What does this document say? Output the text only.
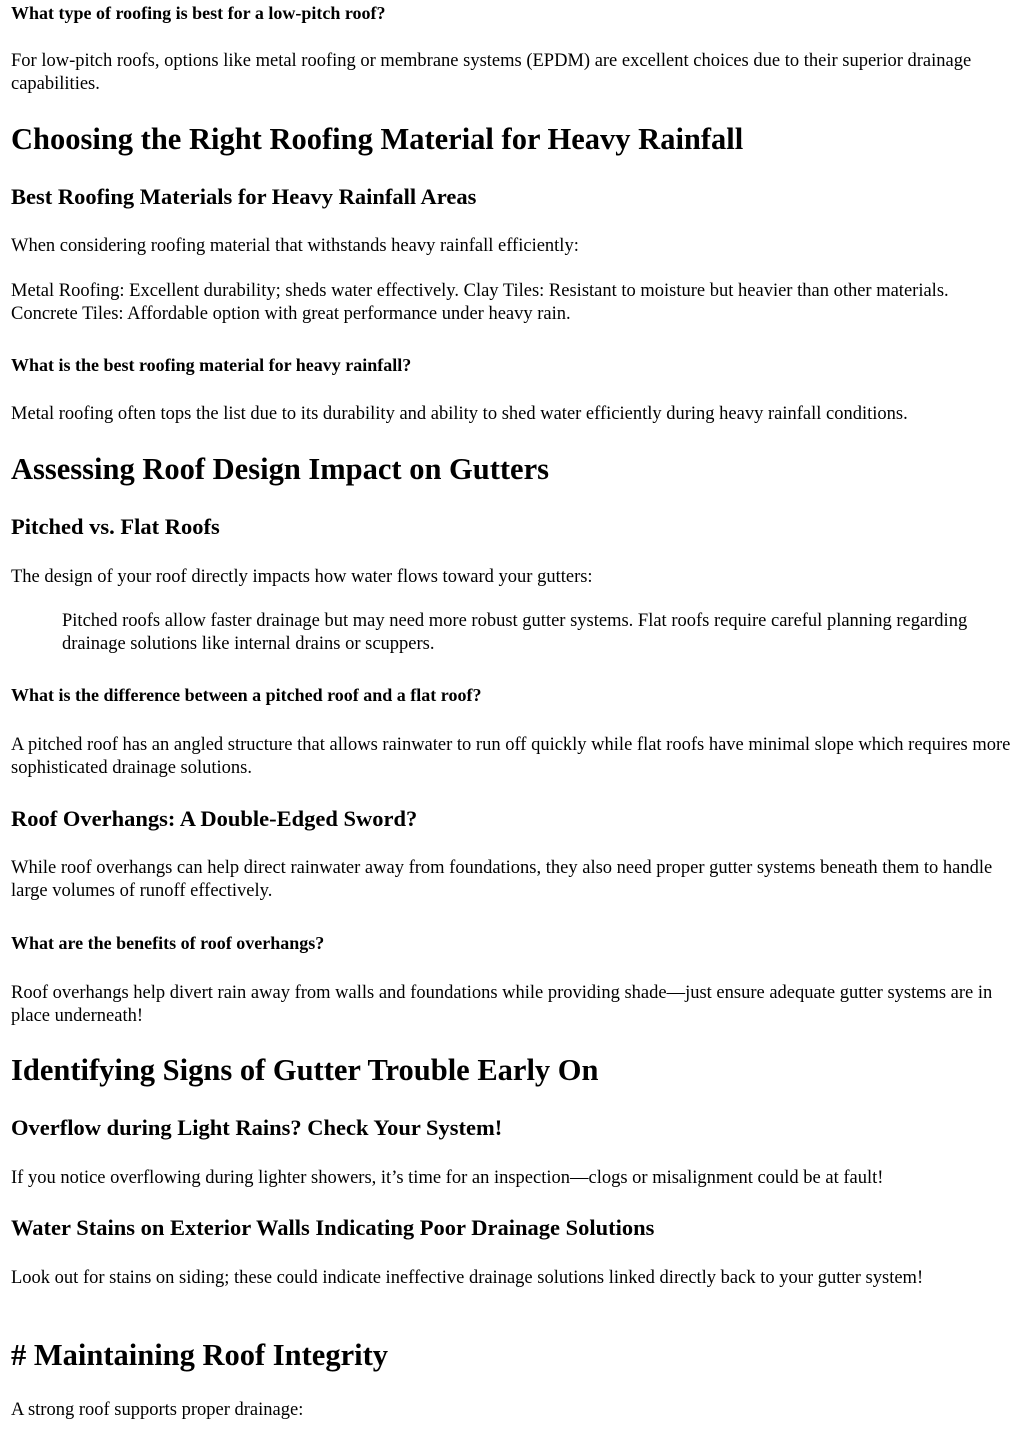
What type of roofing is best for a low-pitch roof?

For low-pitch roofs, options like metal roofing or membrane systems (EPDM) are excellent choices due to their superior drainage capabilities.

Choosing the Right Roofing Material for Heavy Rainfall
Best Roofing Materials for Heavy Rainfall Areas

When considering roofing material that withstands heavy rainfall efficiently:

Metal Roofing: Excellent durability; sheds water effectively. Clay Tiles: Resistant to moisture but heavier than other materials. Concrete Tiles: Affordable option with great performance under heavy rain.

What is the best roofing material for heavy rainfall?

Metal roofing often tops the list due to its durability and ability to shed water efficiently during heavy rainfall conditions.

Assessing Roof Design Impact on Gutters
Pitched vs. Flat Roofs

The design of your roof directly impacts how water flows toward your gutters:

Pitched roofs allow faster drainage but may need more robust gutter systems. Flat roofs require careful planning regarding drainage solutions like internal drains or scuppers.

What is the difference between a pitched roof and a flat roof?

A pitched roof has an angled structure that allows rainwater to run off quickly while flat roofs have minimal slope which requires more sophisticated drainage solutions.

Roof Overhangs: A Double-Edged Sword?

While roof overhangs can help direct rainwater away from foundations, they also need proper gutter systems beneath them to handle large volumes of runoff effectively.

What are the benefits of roof overhangs?

Roof overhangs help divert rain away from walls and foundations while providing shade—just ensure adequate gutter systems are in place underneath!

Identifying Signs of Gutter Trouble Early On
Overflow during Light Rains? Check Your System!

If you notice overflowing during lighter showers, it’s time for an inspection—clogs or misalignment could be at fault!

Water Stains on Exterior Walls Indicating Poor Drainage Solutions

Look out for stains on siding; these could indicate ineffective drainage solutions linked directly back to your gutter system!

# Maintaining Roof Integrity

A strong roof supports proper drainage:
